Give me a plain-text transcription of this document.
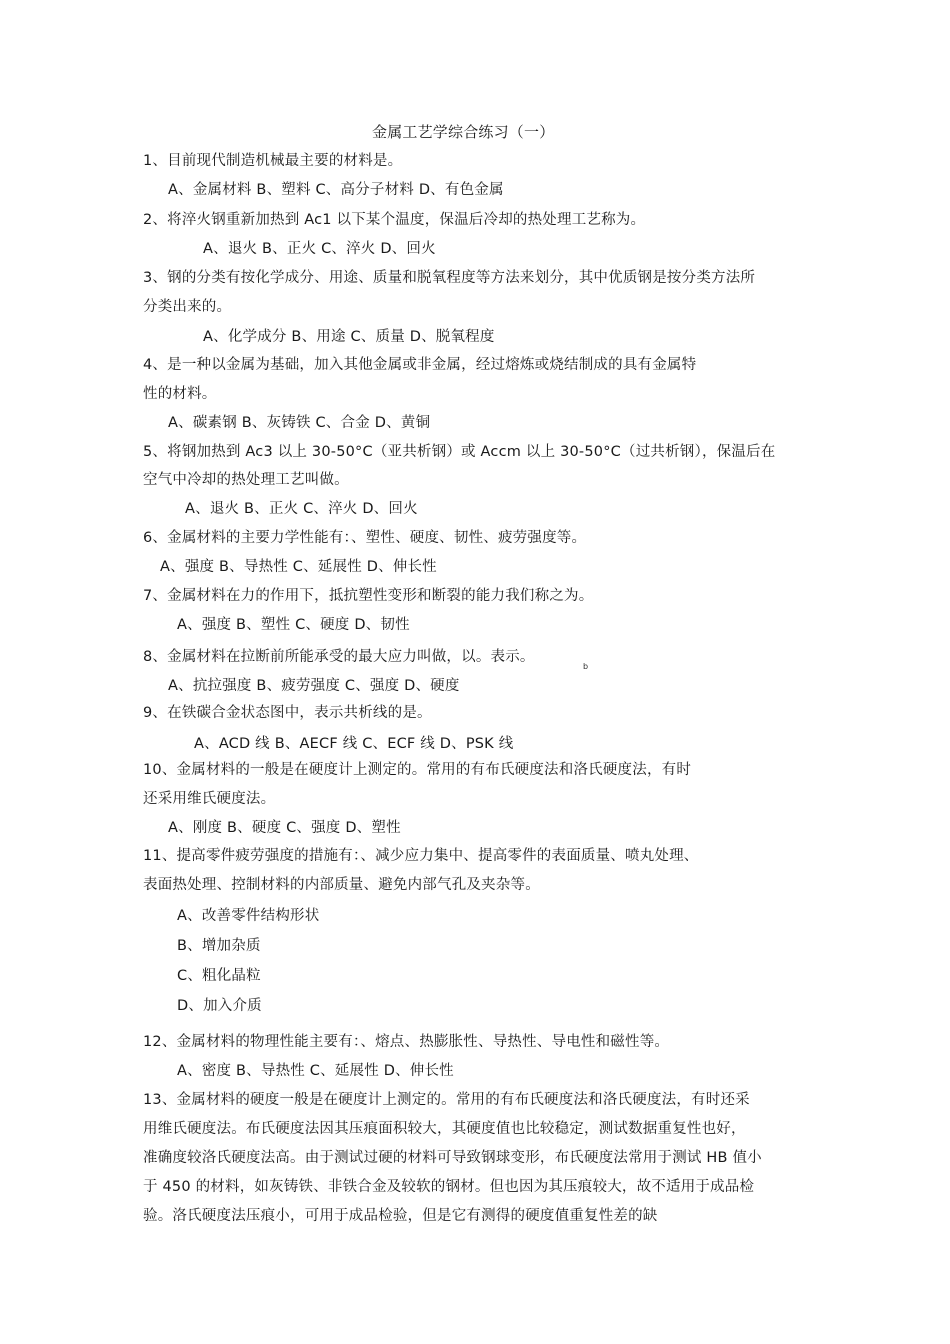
金属工艺学综合练习（一）
1、目前现代制造机械最主要的材料是。
A、金属材料 B、塑料 C、高分子材料 D、有色金属
2、将淬火钢重新加热到 Ac1 以下某个温度，保温后冷却的热处理工艺称为。
A、退火 B、正火 C、淬火 D、回火
3、钢的分类有按化学成分、用途、质量和脱氧程度等方法来划分，其中优质钢是按分类方法所
分类出来的。
A、化学成分 B、用途 C、质量 D、脱氧程度
4、是一种以金属为基础，加入其他金属或非金属，经过熔炼或烧结制成的具有金属特
性的材料。
A、碳素钢 B、灰铸铁 C、合金 D、黄铜
5、将钢加热到 Ac3 以上 30-50°C（亚共析钢）或 Accm 以上 30-50°C（过共析钢），保温后在
空气中冷却的热处理工艺叫做。
A、退火 B、正火 C、淬火 D、回火
6、金属材料的主要力学性能有：、塑性、硬度、韧性、疲劳强度等。
A、强度 B、导热性 C、延展性 D、伸长性
7、金属材料在力的作用下，抵抗塑性变形和断裂的能力我们称之为。
A、强度 B、塑性 C、硬度 D、韧性
8、金属材料在拉断前所能承受的最大应力叫做，以。表示。
b
A、抗拉强度 B、疲劳强度 C、强度 D、硬度
9、在铁碳合金状态图中，表示共析线的是。
A、ACD 线 B、AECF 线 C、ECF 线 D、PSK 线
10、金属材料的一般是在硬度计上测定的。常用的有布氏硬度法和洛氏硬度法，有时
还采用维氏硬度法。
A、刚度 B、硬度 C、强度 D、塑性
11、提高零件疲劳强度的措施有：、减少应力集中、提高零件的表面质量、喷丸处理、
表面热处理、控制材料的内部质量、避免内部气孔及夹杂等。
A、改善零件结构形状
B、增加杂质
C、粗化晶粒
D、加入介质
12、金属材料的物理性能主要有：、熔点、热膨胀性、导热性、导电性和磁性等。
A、密度 B、导热性 C、延展性 D、伸长性
13、金属材料的硬度一般是在硬度计上测定的。常用的有布氏硬度法和洛氏硬度法，有时还采
用维氏硬度法。布氏硬度法因其压痕面积较大，其硬度值也比较稳定，测试数据重复性也好，
准确度较洛氏硬度法高。由于测试过硬的材料可导致钢球变形，布氏硬度法常用于测试 HB 值小
于 450 的材料，如灰铸铁、非铁合金及较软的钢材。但也因为其压痕较大，故不适用于成品检
验。洛氏硬度法压痕小，可用于成品检验，但是它有测得的硬度值重复性差的缺
